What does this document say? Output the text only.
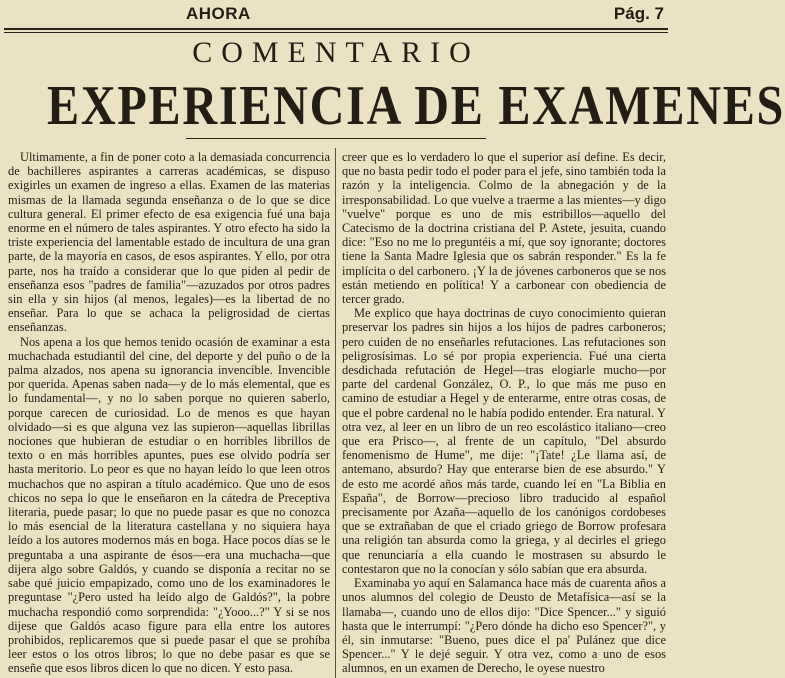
AHORA	Pág. 7
COMENTARIO
EXPERIENCIA DE EXAMENES

Ultimamente, a fin de poner coto a la demasiada concurrencia de bachilleres aspirantes a carreras académicas, se dispuso exigirles un examen de ingreso a ellas. Examen de las materias mismas de la llamada segunda enseñanza o de lo que se dice cultura general. El primer efecto de esa exigencia fué una baja enorme en el número de tales aspirantes. Y otro efecto ha sido la triste experiencia del lamentable estado de incultura de una gran parte, de la mayoría en casos, de esos aspirantes. Y ello, por otra parte, nos ha traído a considerar que lo que piden al pedir de enseñanza esos "padres de familia"—azuzados por otros padres sin ella y sin hijos (al menos, legales)—es la libertad de no enseñar. Para lo que se achaca la peligrosidad de ciertas enseñanzas.

Nos apena a los que hemos tenido ocasión de examinar a esta muchachada estudiantil del cine, del deporte y del puño o de la palma alzados, nos apena su ignorancia invencible. Invencible por querida. Apenas saben nada—y de lo más elemental, que es lo fundamental—, y no lo saben porque no quieren saberlo, porque carecen de curiosidad. Lo de menos es que hayan olvidado—si es que alguna vez las supieron—aquellas librillas nociones que hubieran de estudiar o en horribles librillos de texto o en más horribles apuntes, pues ese olvido podría ser hasta meritorio. Lo peor es que no hayan leído lo que leen otros muchachos que no aspiran a título académico. Que uno de esos chicos no sepa lo que le enseñaron en la cátedra de Preceptiva literaria, puede pasar; lo que no puede pasar es que no conozca lo más esencial de la literatura castellana y no siquiera haya leído a los autores modernos más en boga. Hace pocos días se le preguntaba a una aspirante de ésos—era una muchacha—que dijera algo sobre Galdós, y cuando se disponía a recitar no se sabe qué juicio empapizado, como uno de los examinadores le preguntase "¿Pero usted ha leído algo de Galdós?", la pobre muchacha respondió como sorprendida: "¿Yooo...?" Y si se nos dijese que Galdós acaso figure para ella entre los autores prohibidos, replicaremos que si puede pasar el que se prohíba leer estos o los otros libros; lo que no debe pasar es que se enseñe que esos libros dicen lo que no dicen. Y esto pasa.

creer que es lo verdadero lo que el superior así define. Es decir, que no basta pedir todo el poder para el jefe, sino también toda la razón y la inteligencia. Colmo de la abnegación y de la irresponsabilidad. Lo que vuelve a traerme a las mientes—y digo "vuelve" porque es uno de mis estribillos—aquello del Catecismo de la doctrina cristiana del P. Astete, jesuita, cuando dice: "Eso no me lo preguntéis a mí, que soy ignorante; doctores tiene la Santa Madre Iglesia que os sabrán responder." Es la fe implícita o del carbonero. ¡Y la de jóvenes carboneros que se nos están metiendo en política! Y a carbonear con obediencia de tercer grado.

Me explico que haya doctrinas de cuyo conocimiento quieran preservar los padres sin hijos a los hijos de padres carboneros; pero cuiden de no enseñarles refutaciones. Las refutaciones son peligrosísimas. Lo sé por propia experiencia. Fué una cierta desdichada refutación de Hegel—tras elogiarle mucho—por parte del cardenal González, O. P., lo que más me puso en camino de estudiar a Hegel y de enterarme, entre otras cosas, de que el pobre cardenal no le había podido entender. Era natural. Y otra vez, al leer en un libro de un reo escolástico italiano—creo que era Prisco—, al frente de un capítulo, "Del absurdo fenomenismo de Hume", me dije: "¡Tate! ¿Le llama así, de antemano, absurdo? Hay que enterarse bien de ese absurdo." Y de esto me acordé años más tarde, cuando leí en "La Biblia en España", de Borrow—precioso libro traducido al español precisamente por Azaña—aquello de los canónigos cordobeses que se extrañaban de que el criado griego de Borrow profesara una religión tan absurda como la griega, y al decirles el griego que renunciaría a ella cuando le mostrasen su absurdo le contestaron que no la conocían y sólo sabían que era absurda.

Examinaba yo aquí en Salamanca hace más de cuarenta años a unos alumnos del colegio de Deusto de Metafísica—así se la llamaba—, cuando uno de ellos dijo: "Dice Spencer..." y siguió hasta que le interrumpí: "¿Pero dónde ha dicho eso Spencer?", y él, sin inmutarse: "Bueno, pues dice el pa' Pulánez que dice Spencer..." Y le dejé seguir. Y otra vez, como a uno de esos alumnos, en un examen de Derecho, le oyese nuestro
